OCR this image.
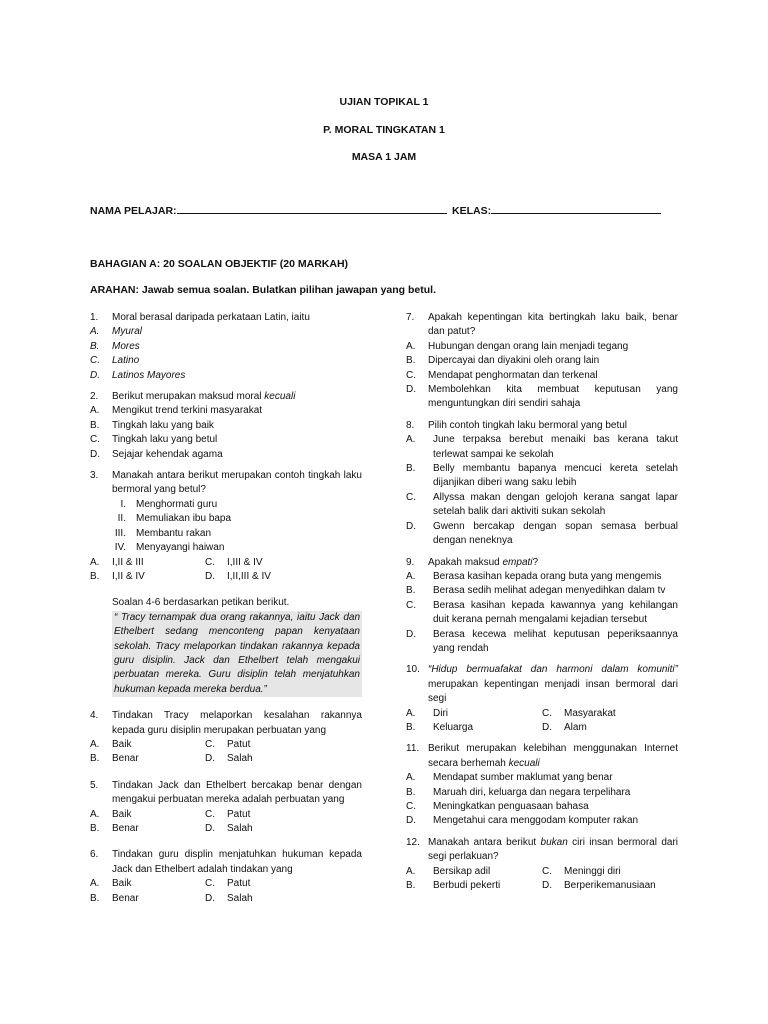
UJIAN TOPIKAL 1
P. MORAL TINGKATAN 1
MASA 1 JAM
NAMA PELAJAR:	KELAS:
BAHAGIAN A: 20 SOALAN OBJEKTIF (20 MARKAH)
ARAHAN: Jawab semua soalan. Bulatkan pilihan jawapan yang betul.
1.	Moral berasal daripada perkataan Latin, iaitu
A.	Myural
B.	Mores
C.	Latino
D.	Latinos Mayores
2.	Berikut merupakan maksud moral kecuali
A.	Mengikut trend terkini masyarakat
B.	Tingkah laku yang baik
C.	Tingkah laku yang betul
D.	Sejajar kehendak agama
3.	Manakah antara berikut merupakan contoh tingkah laku bermoral yang betul?
I.	Menghormati guru
II.	Memuliakan ibu bapa
III.	Membantu rakan
IV.	Menyayangi haiwan
A.	I,II & III	C.	I,III & IV
B.	I,II & IV	D.	I,II,III & IV
Soalan 4-6 berdasarkan petikan berikut.
“ Tracy ternampak dua orang rakannya, iaitu Jack dan Ethelbert sedang menconteng papan kenyataan sekolah. Tracy melaporkan tindakan rakannya kepada guru disiplin. Jack dan Ethelbert telah mengakui perbuatan mereka. Guru disiplin telah menjatuhkan hukuman kepada mereka berdua.”
4.	Tindakan Tracy melaporkan kesalahan rakannya kepada guru disiplin merupakan perbuatan yang
A.	Baik	C.	Patut
B.	Benar	D.	Salah
5.	Tindakan Jack dan Ethelbert bercakap benar dengan mengakui perbuatan mereka adalah perbuatan yang
A.	Baik	C.	Patut
B.	Benar	D.	Salah
6.	Tindakan guru displin menjatuhkan hukuman kepada Jack dan Ethelbert adalah tindakan yang
A.	Baik	C.	Patut
B.	Benar	D.	Salah
7.	Apakah kepentingan kita bertingkah laku baik, benar dan patut?
A.	Hubungan dengan orang lain menjadi tegang
B.	Dipercayai dan diyakini oleh orang lain
C.	Mendapat penghormatan dan terkenal
D.	Membolehkan kita membuat keputusan yang menguntungkan diri sendiri sahaja
8.	Pilih contoh tingkah laku bermoral yang betul
A.	June terpaksa berebut menaiki bas kerana takut terlewat sampai ke sekolah
B.	Belly membantu bapanya mencuci kereta setelah dijanjikan diberi wang saku lebih
C.	Allyssa makan dengan gelojoh kerana sangat lapar setelah balik dari aktiviti sukan sekolah
D.	Gwenn bercakap dengan sopan semasa berbual dengan neneknya
9.	Apakah maksud empati?
A.	Berasa kasihan kepada orang buta yang mengemis
B.	Berasa sedih melihat adegan menyedihkan dalam tv
C.	Berasa kasihan kepada kawannya yang kehilangan duit kerana pernah mengalami kejadian tersebut
D.	Berasa kecewa melihat keputusan peperiksaannya yang rendah
10. “Hidup bermuafakat dan harmoni dalam komuniti” merupakan kepentingan menjadi insan bermoral dari segi
A.	Diri	C.	Masyarakat
B.	Keluarga	D.	Alam
11. Berikut merupakan kelebihan menggunakan Internet secara berhemah kecuali
A.	Mendapat sumber maklumat yang benar
B.	Maruah diri, keluarga dan negara terpelihara
C.	Meningkatkan penguasaan bahasa
D.	Mengetahui cara menggodam komputer rakan
12. Manakah antara berikut bukan ciri insan bermoral dari segi perlakuan?
A.	Bersikap adil	C.	Meninggi diri
B.	Berbudi pekerti	D.	Berperikemanusiaan
